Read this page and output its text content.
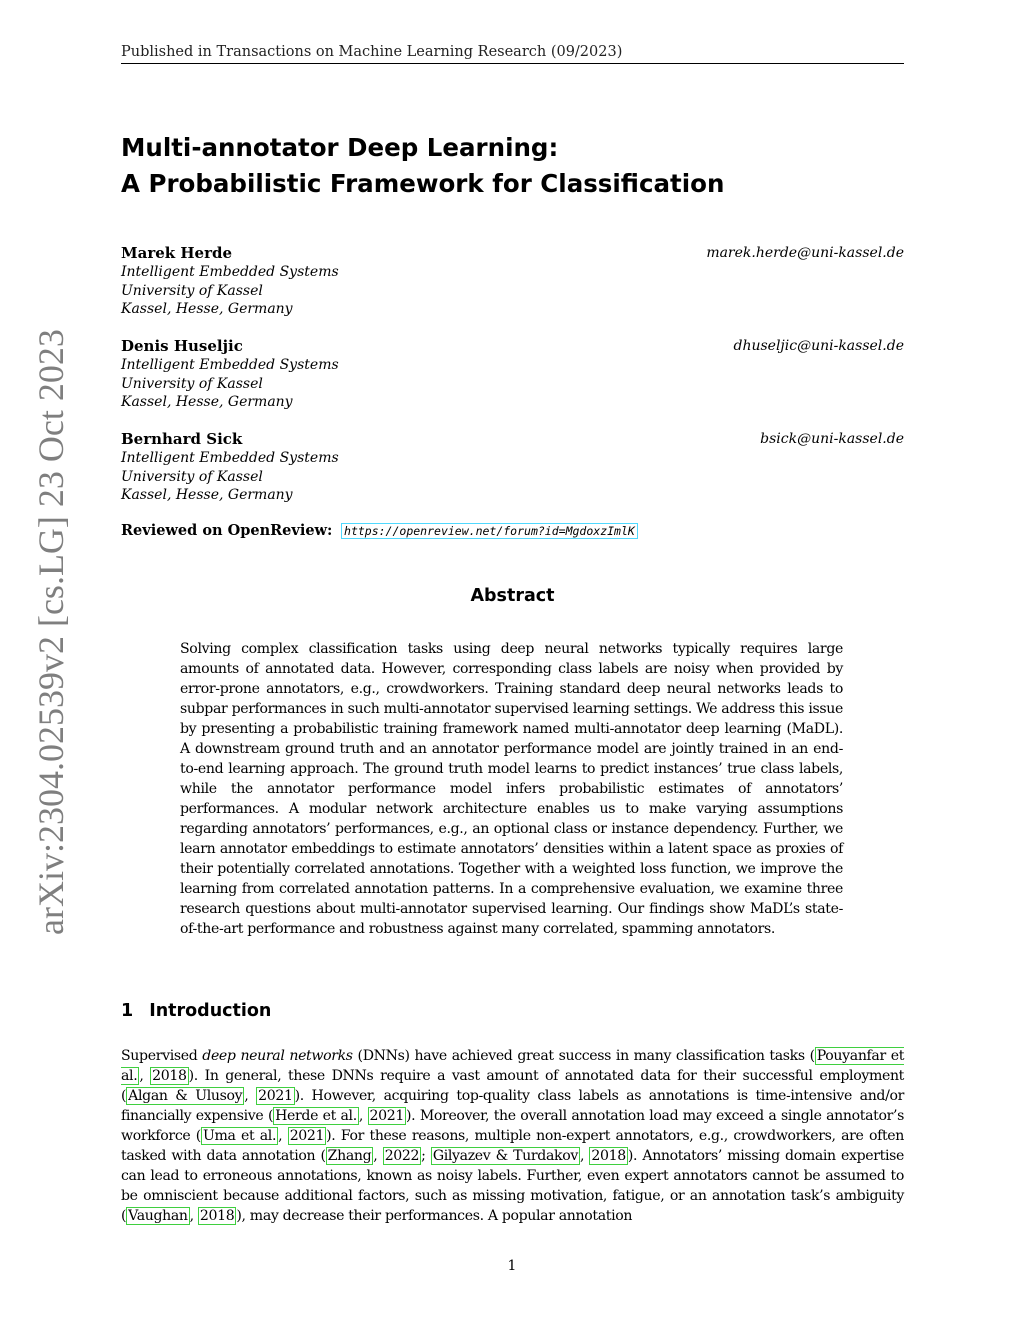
Published in Transactions on Machine Learning Research (09/2023)
Multi-annotator Deep Learning:
A Probabilistic Framework for Classification
Marek Herde	marek.herde@uni-kassel.de
Intelligent Embedded Systems
University of Kassel
Kassel, Hesse, Germany
Denis Huseljic	dhuseljic@uni-kassel.de
Intelligent Embedded Systems
University of Kassel
Kassel, Hesse, Germany
Bernhard Sick	bsick@uni-kassel.de
Intelligent Embedded Systems
University of Kassel
Kassel, Hesse, Germany
Reviewed on OpenReview: https://openreview.net/forum?id=MgdoxzImlK
Abstract

Solving complex classification tasks using deep neural networks typically requires large amounts of annotated data. However, corresponding class labels are noisy when provided by error-prone annotators, e.g., crowdworkers. Training standard deep neural networks leads to subpar performances in such multi-annotator supervised learning settings. We address this issue by presenting a probabilistic training framework named multi-annotator deep learning (MaDL). A downstream ground truth and an annotator performance model are jointly trained in an end-to-end learning approach. The ground truth model learns to predict instances’ true class labels, while the annotator performance model infers probabilistic estimates of annotators’ performances. A modular network architecture enables us to make varying assumptions regarding annotators’ performances, e.g., an optional class or instance dependency. Further, we learn annotator embeddings to estimate annotators’ densities within a latent space as proxies of their potentially correlated annotations. Together with a weighted loss function, we improve the learning from correlated annotation patterns. In a comprehensive evaluation, we examine three research questions about multi-annotator supervised learning. Our findings show MaDL’s state-of-the-art performance and robustness against many correlated, spamming annotators.

1 Introduction

Supervised deep neural networks (DNNs) have achieved great success in many classification tasks ( Pouyanfar et al. , 2018 ). In general, these DNNs require a vast amount of annotated data for their successful employment ( Algan & Ulusoy , 2021 ). However, acquiring top-quality class labels as annotations is time-intensive and/or financially expensive ( Herde et al. , 2021 ). Moreover, the overall annotation load may exceed a single annotator’s workforce ( Uma et al. , 2021 ). For these reasons, multiple non-expert annotators, e.g., crowdworkers, are often tasked with data annotation ( Zhang , 2022 ; Gilyazev & Turdakov , 2018 ). Annotators’ missing domain expertise can lead to erroneous annotations, known as noisy labels. Further, even expert annotators cannot be assumed to be omniscient because additional factors, such as missing motivation, fatigue, or an annotation task’s ambiguity ( Vaughan , 2018 ), may decrease their performances. A popular annotation

1
arXiv:2304.02539v2 [cs.LG] 23 Oct 2023
